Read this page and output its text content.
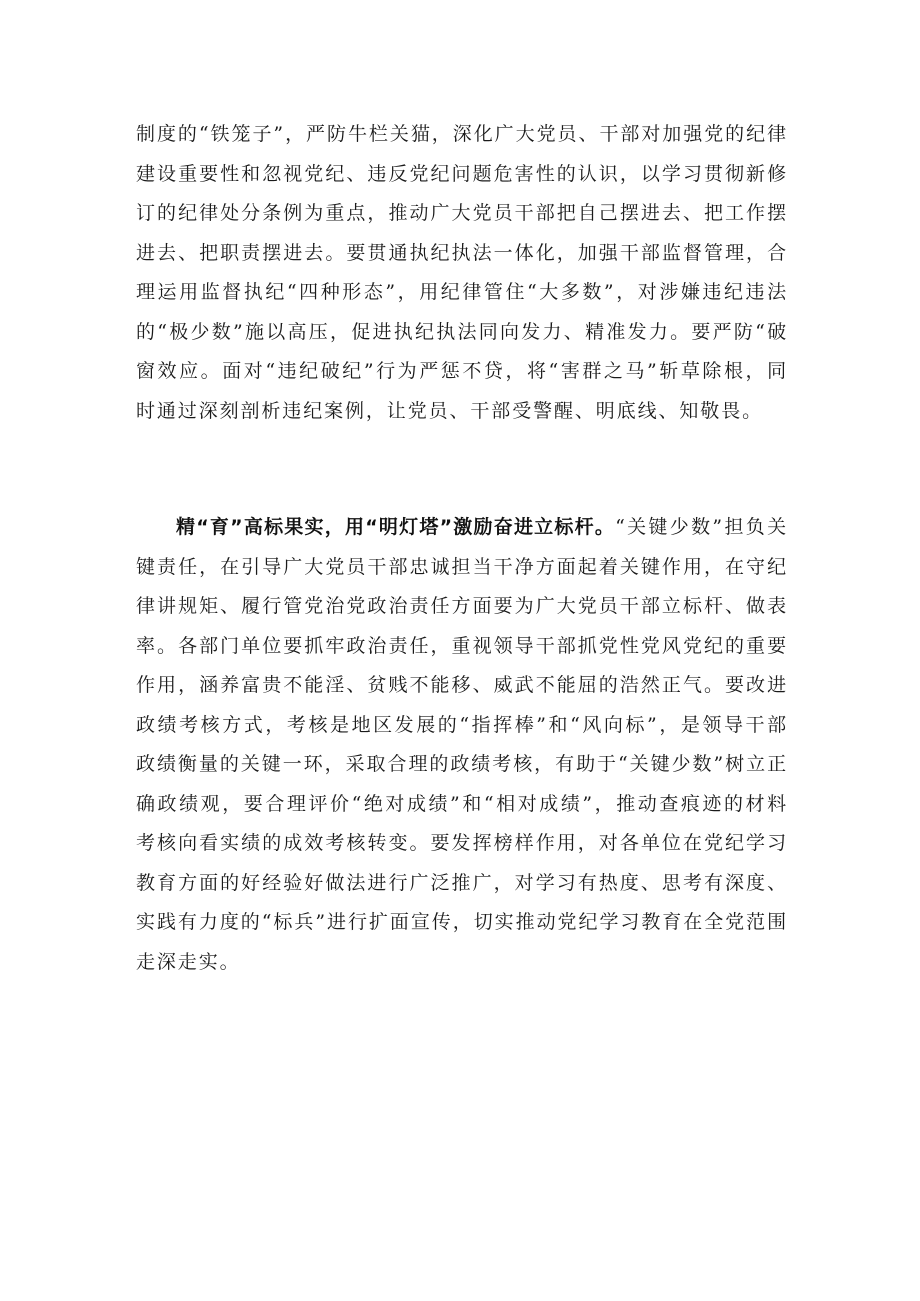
制度的“铁笼子”，严防牛栏关猫，深化广大党员、干部对加强党的纪律建设重要性和忽视党纪、违反党纪问题危害性的认识，以学习贯彻新修订的纪律处分条例为重点，推动广大党员干部把自己摆进去、把工作摆进去、把职责摆进去。要贯通执纪执法一体化，加强干部监督管理，合理运用监督执纪“四种形态”，用纪律管住“大多数”，对涉嫌违纪违法的“极少数”施以高压，促进执纪执法同向发力、精准发力。要严防“破窗效应。面对“违纪破纪”行为严惩不贷，将“害群之马”斩草除根，同时通过深刻剖析违纪案例，让党员、干部受警醒、明底线、知敬畏。

精“育”高标果实，用“明灯塔”激励奋进立标杆。“关键少数”担负关键责任，在引导广大党员干部忠诚担当干净方面起着关键作用，在守纪律讲规矩、履行管党治党政治责任方面要为广大党员干部立标杆、做表率。各部门单位要抓牢政治责任，重视领导干部抓党性党风党纪的重要作用，涵养富贵不能淫、贫贱不能移、威武不能屈的浩然正气。要改进政绩考核方式，考核是地区发展的“指挥棒”和“风向标”，是领导干部政绩衡量的关键一环，采取合理的政绩考核，有助于“关键少数”树立正确政绩观，要合理评价“绝对成绩”和“相对成绩”，推动查痕迹的材料考核向看实绩的成效考核转变。要发挥榜样作用，对各单位在党纪学习教育方面的好经验好做法进行广泛推广，对学习有热度、思考有深度、实践有力度的“标兵”进行扩面宣传，切实推动党纪学习教育在全党范围走深走实。
